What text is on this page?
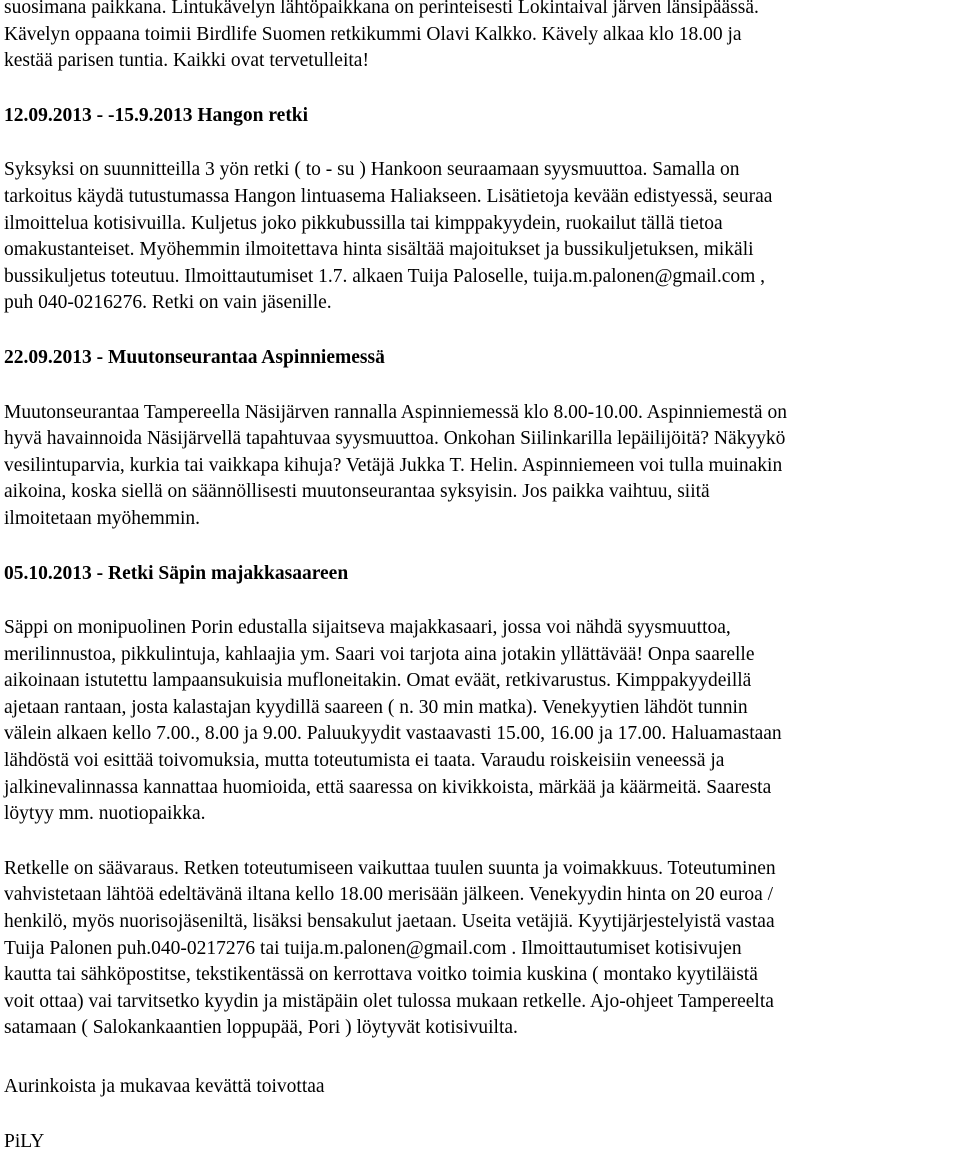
suosimana paikkana. Lintukävelyn lähtöpaikkana on perinteisesti Lokintaival järven länsipäässä.
Kävelyn oppaana toimii Birdlife Suomen retkikummi Olavi Kalkko. Kävely alkaa klo 18.00 ja
kestää parisen tuntia. Kaikki ovat tervetulleita!
12.09.2013 - -15.9.2013 Hangon retki
Syksyksi on suunnitteilla 3 yön retki ( to - su ) Hankoon seuraamaan syysmuuttoa. Samalla on
tarkoitus käydä tutustumassa Hangon lintuasema Haliakseen. Lisätietoja kevään edistyessä, seuraa
ilmoittelua kotisivuilla. Kuljetus joko pikkubussilla tai kimppakyydein, ruokailut tällä tietoa
omakustanteiset. Myöhemmin ilmoitettava hinta sisältää majoitukset ja bussikuljetuksen, mikäli
bussikuljetus toteutuu. Ilmoittautumiset 1.7. alkaen Tuija Paloselle, tuija.m.palonen@gmail.com ,
puh 040-0216276. Retki on vain jäsenille.
22.09.2013 - Muutonseurantaa Aspinniemessä
Muutonseurantaa Tampereella Näsijärven rannalla Aspinniemessä klo 8.00-10.00. Aspinniemestä on
hyvä havainnoida Näsijärvellä tapahtuvaa syysmuuttoa. Onkohan Siilinkarilla lepäilijöitä? Näkyykö
vesilintuparvia, kurkia tai vaikkapa kihuja? Vetäjä Jukka T. Helin. Aspinniemeen voi tulla muinakin
aikoina, koska siellä on säännöllisesti muutonseurantaa syksyisin. Jos paikka vaihtuu, siitä
ilmoitetaan myöhemmin.
05.10.2013 - Retki Säpin majakkasaareen
Säppi on monipuolinen Porin edustalla sijaitseva majakkasaari, jossa voi nähdä syysmuuttoa,
merilinnustoa, pikkulintuja, kahlaajia ym. Saari voi tarjota aina jotakin yllättävää! Onpa saarelle
aikoinaan istutettu lampaansukuisia mufloneitakin. Omat eväät, retkivarustus. Kimppakyydeillä
ajetaan rantaan, josta kalastajan kyydillä saareen ( n. 30 min matka). Venekyytien lähdöt tunnin
välein alkaen kello 7.00., 8.00 ja 9.00. Paluukyydit vastaavasti 15.00, 16.00 ja 17.00. Haluamastaan
lähdöstä voi esittää toivomuksia, mutta toteutumista ei taata. Varaudu roiskeisiin veneessä ja
jalkinevalinnassa kannattaa huomioida, että saaressa on kivikkoista, märkää ja käärmeitä. Saaresta
löytyy mm. nuotiopaikka.
Retkelle on säävaraus. Retken toteutumiseen vaikuttaa tuulen suunta ja voimakkuus. Toteutuminen
vahvistetaan lähtöä edeltävänä iltana kello 18.00 merisään jälkeen. Venekyydin hinta on 20 euroa /
henkilö, myös nuorisojäseniltä, lisäksi bensakulut jaetaan. Useita vetäjiä. Kyytijärjestelyistä vastaa
Tuija Palonen puh.040-0217276 tai tuija.m.palonen@gmail.com . Ilmoittautumiset kotisivujen
kautta tai sähköpostitse, tekstikentässä on kerrottava voitko toimia kuskina ( montako kyytiläistä
voit ottaa) vai tarvitsetko kyydin ja mistäpäin olet tulossa mukaan retkelle. Ajo-ohjeet Tampereelta
satamaan ( Salokankaantien loppupää, Pori ) löytyvät kotisivuilta.
Aurinkoista ja mukavaa kevättä toivottaa
PiLY
